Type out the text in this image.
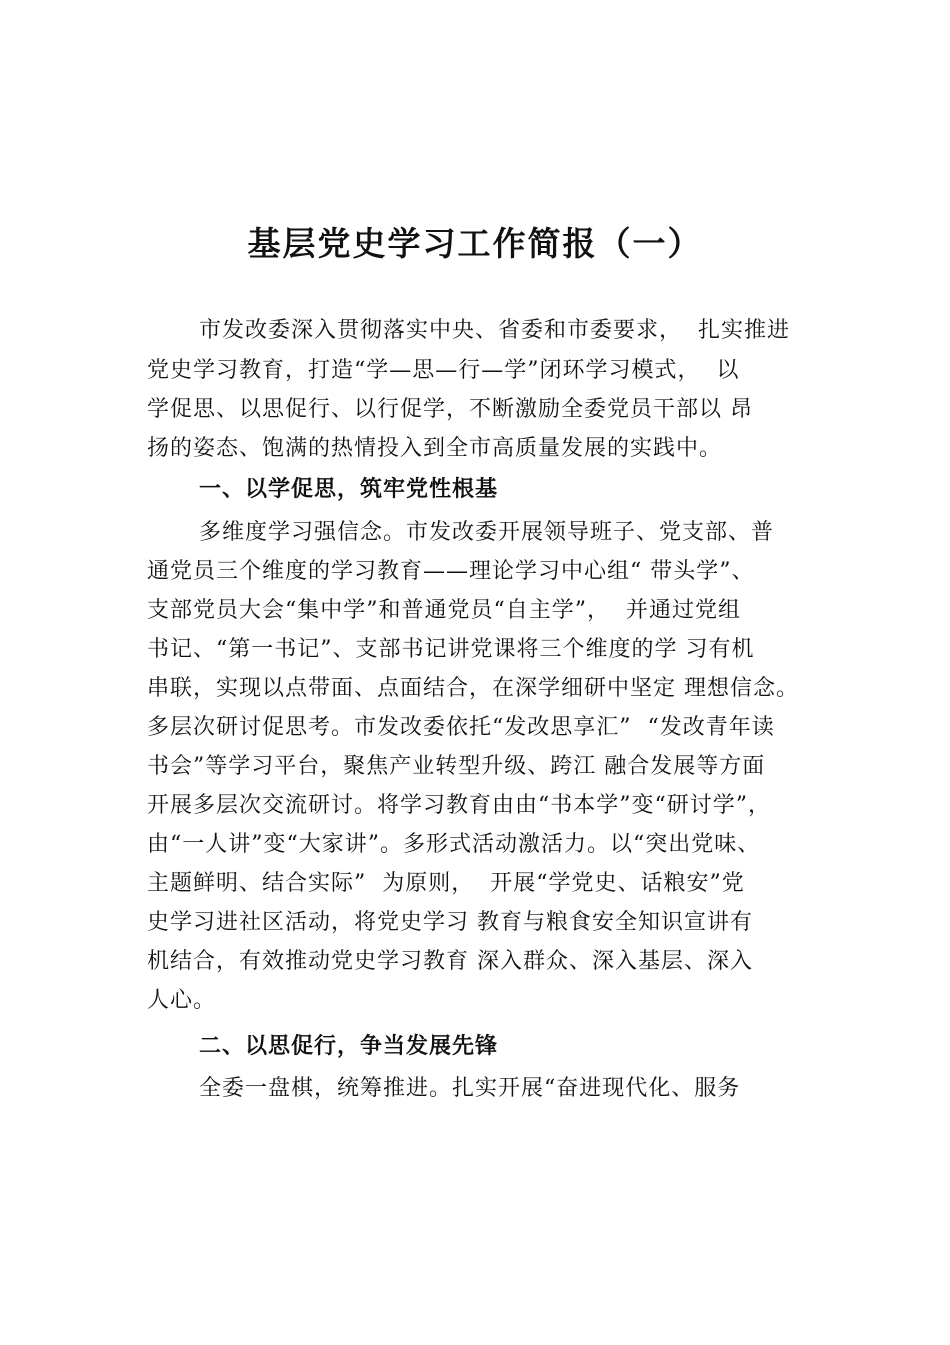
基层党史学习工作简报（一）
市发改委深入贯彻落实中央、省委和市委要求，  扎实推进
党史学习教育，打造“学—思—行—学”闭环学习模式，  以
学促思、以思促行、以行促学，不断激励全委党员干部以 昂
扬的姿态、饱满的热情投入到全市高质量发展的实践中。
一、以学促思，筑牢党性根基
多维度学习强信念。市发改委开展领导班子、党支部、普
通党员三个维度的学习教育——理论学习中心组“ 带头学”、
支部党员大会“集中学”和普通党员“自主学”，  并通过党组
书记、“第一书记”、支部书记讲党课将三个维度的学 习有机
串联，实现以点带面、点面结合，在深学细研中坚定 理想信念。
多层次研讨促思考。市发改委依托“发改思享汇”  “发改青年读
书会”等学习平台，聚焦产业转型升级、跨江 融合发展等方面
开展多层次交流研讨。将学习教育由由“书本学”变“研讨学”，
由“一人讲”变“大家讲”。多形式活动激活力。以“突出党味、
主题鲜明、结合实际”  为原则，  开展“学党史、话粮安”党
史学习进社区活动，将党史学习 教育与粮食安全知识宣讲有
机结合，有效推动党史学习教育 深入群众、深入基层、深入
人心。
二、以思促行，争当发展先锋
全委一盘棋，统筹推进。扎实开展“奋进现代化、服务
